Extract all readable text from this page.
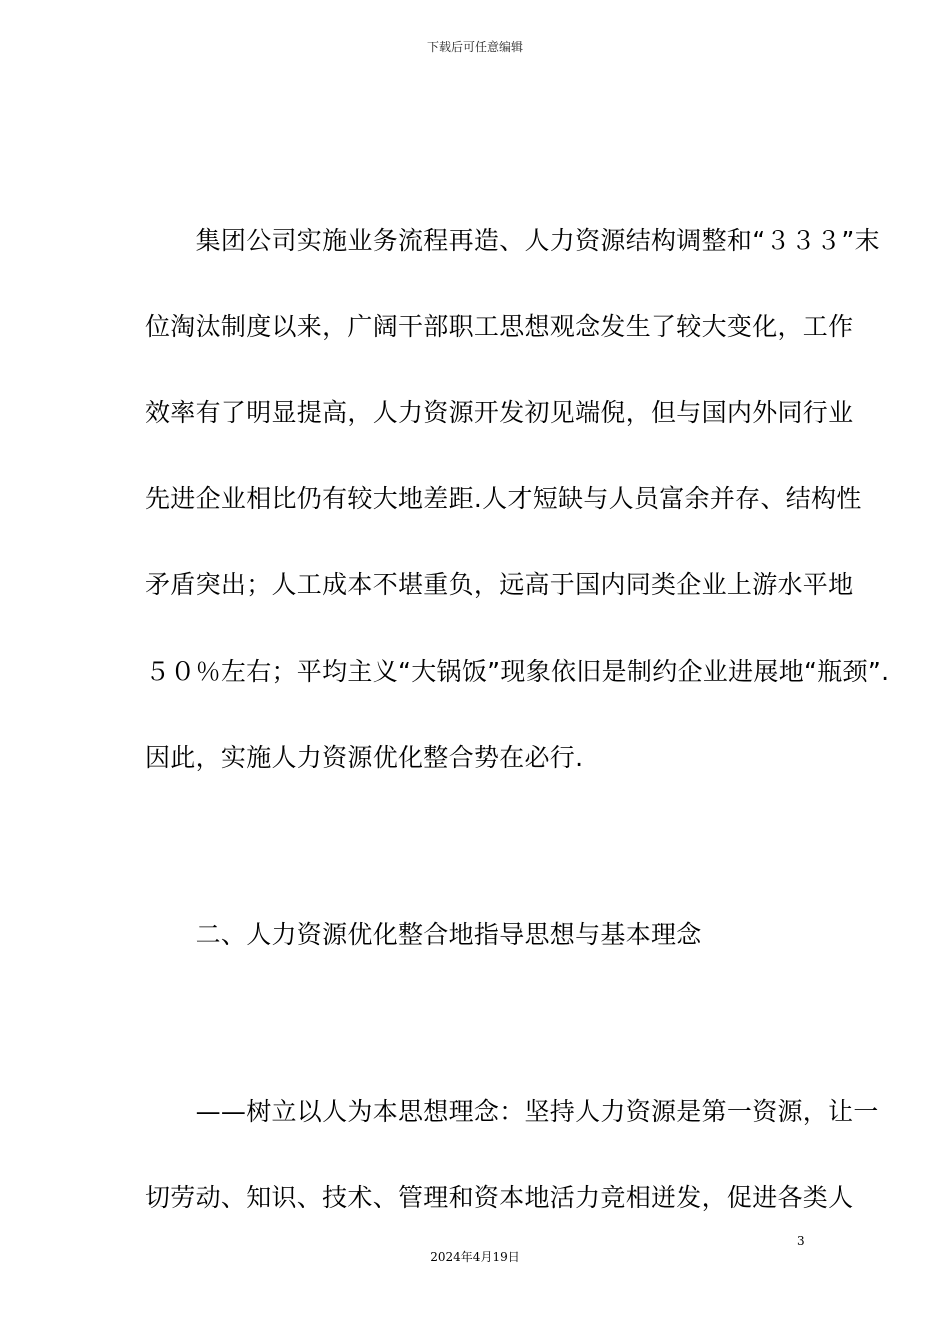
下载后可任意编辑
　　集团公司实施业务流程再造、人力资源结构调整和“３３３”末
位淘汰制度以来，广阔干部职工思想观念发生了较大变化，工作
效率有了明显提高，人力资源开发初见端倪，但与国内外同行业
先进企业相比仍有较大地差距.人才短缺与人员富余并存、结构性
矛盾突出；人工成本不堪重负，远高于国内同类企业上游水平地
５０％左右；平均主义“大锅饭”现象依旧是制约企业进展地“瓶颈”.
因此，实施人力资源优化整合势在必行.
　　二、人力资源优化整合地指导思想与基本理念
　　——树立以人为本思想理念：坚持人力资源是第一资源，让一
切劳动、知识、技术、管理和资本地活力竞相迸发，促进各类人
3
2024年4月19日
